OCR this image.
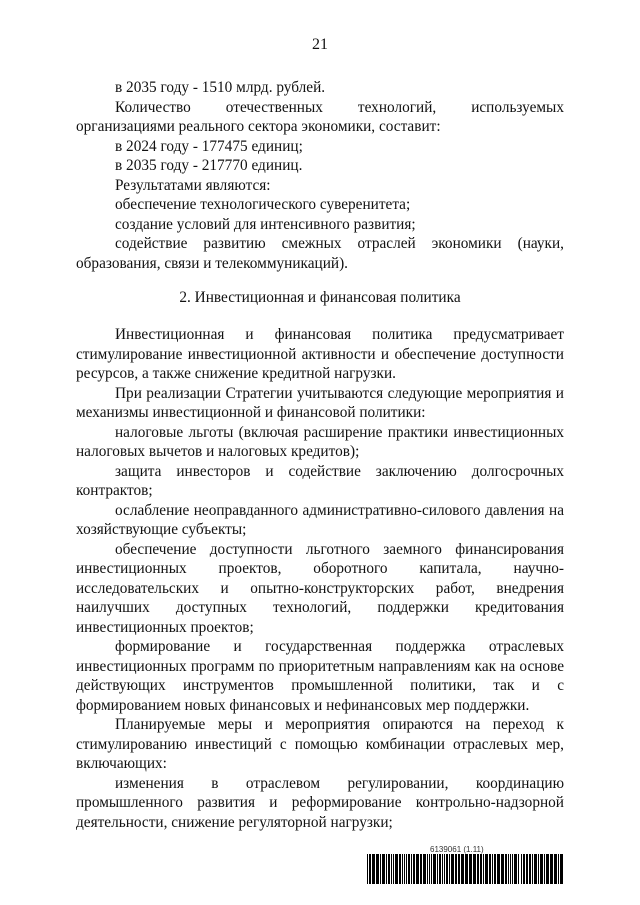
21

в 2035 году - 1510 млрд. рублей.

Количество отечественных технологий, используемых

организациями реального сектора экономики, составит:

в 2024 году - 177475 единиц;

в 2035 году - 217770 единиц.

Результатами являются:

обеспечение технологического суверенитета;

создание условий для интенсивного развития;

содействие развитию смежных отраслей экономики (науки, образования, связи и телекоммуникаций).

2. Инвестиционная и финансовая политика

Инвестиционная и финансовая политика предусматривает стимулирование инвестиционной активности и обеспечение доступности ресурсов, а также снижение кредитной нагрузки.

При реализации Стратегии учитываются следующие мероприятия и механизмы инвестиционной и финансовой политики:

налоговые льготы (включая расширение практики инвестиционных налоговых вычетов и налоговых кредитов);

защита инвесторов и содействие заключению долгосрочных контрактов;

ослабление неоправданного административно-силового давления на хозяйствующие субъекты;

обеспечение доступности льготного заемного финансирования инвестиционных проектов, оборотного капитала, научно-исследовательских и опытно-конструкторских работ, внедрения наилучших доступных технологий, поддержки кредитования инвестиционных проектов;

формирование и государственная поддержка отраслевых инвестиционных программ по приоритетным направлениям как на основе действующих инструментов промышленной политики, так и с формированием новых финансовых и нефинансовых мер поддержки.

Планируемые меры и мероприятия опираются на переход к стимулированию инвестиций с помощью комбинации отраслевых мер, включающих:

изменения в отраслевом регулировании, координацию промышленного развития и реформирование контрольно-надзорной деятельности, снижение регуляторной нагрузки;

6139061 (1.11)
